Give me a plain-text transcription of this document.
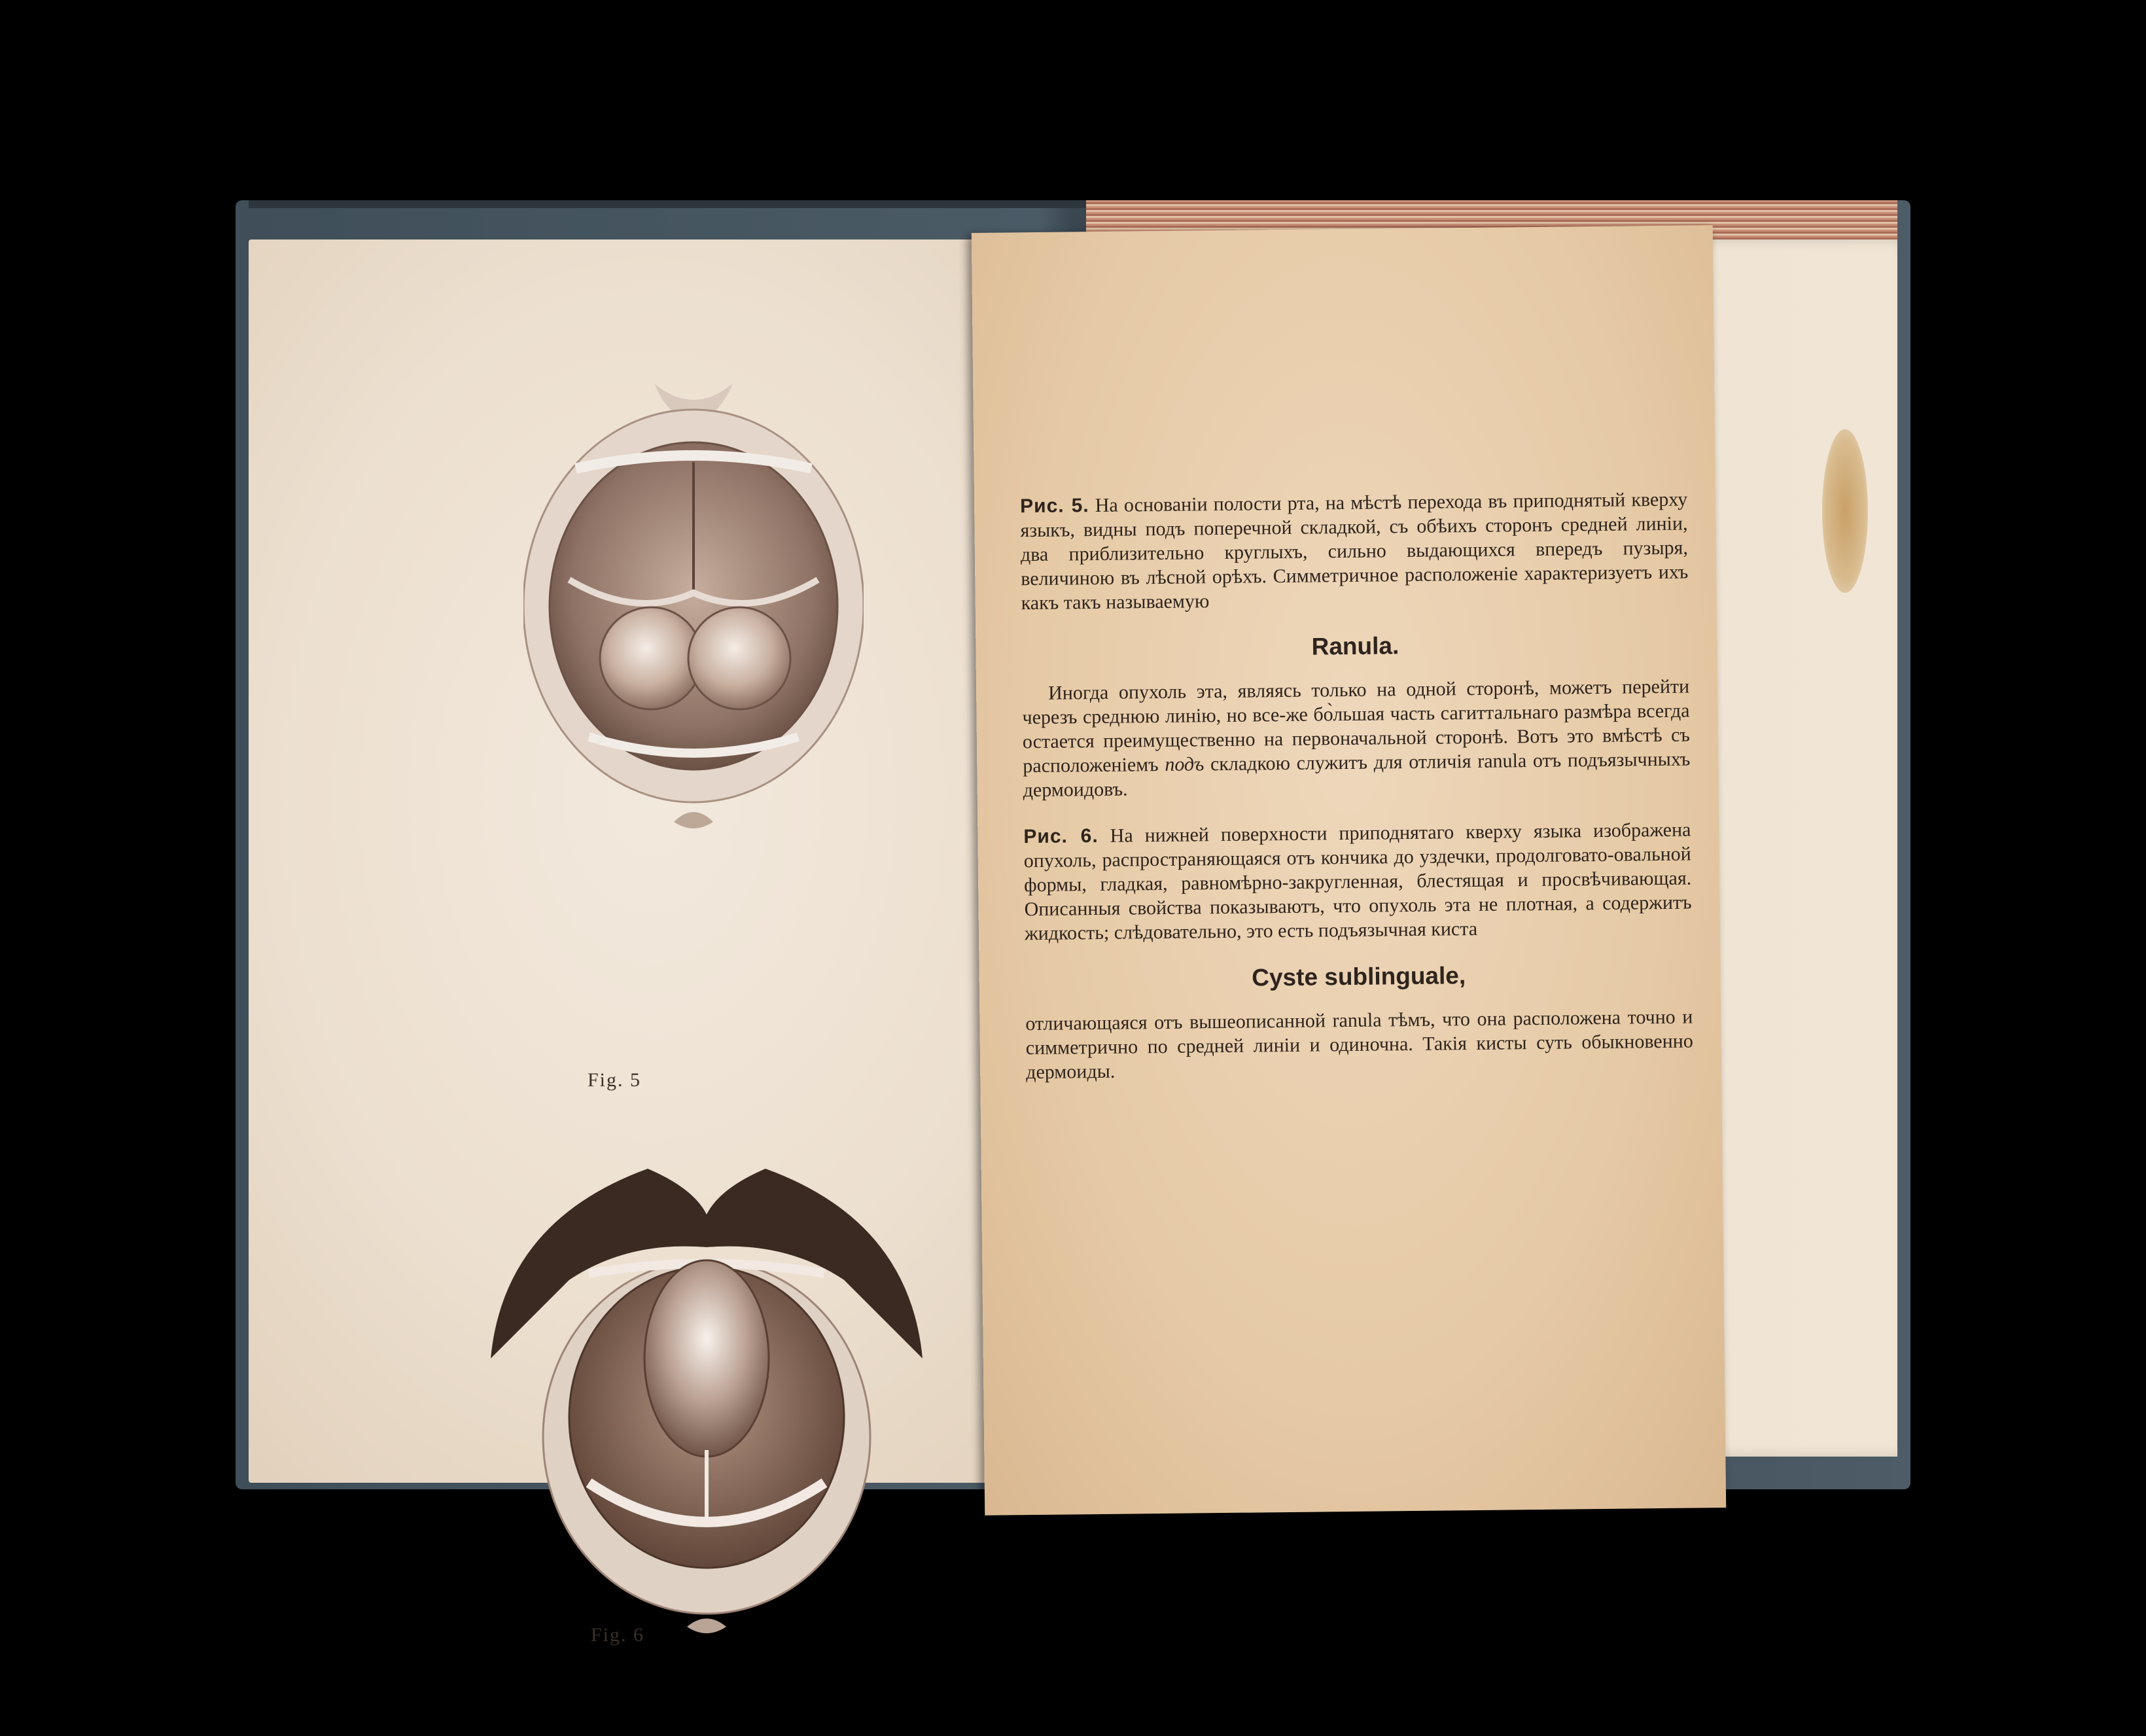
Fig. 5
Fig. 6

Рис. 5. На основаніи полости рта, на мѣстѣ перехода въ приподнятый кверху языкъ, видны подъ поперечной складкой, съ обѣихъ сторонъ средней линіи, два приблизительно круглыхъ, сильно выдающихся впередъ пузыря, величиною въ лѣсной орѣхъ. Симметричное расположеніе характеризуетъ ихъ какъ такъ называемую

Ranula.

Иногда опухоль эта, являясь только на одной сторонѣ, можетъ перейти черезъ среднюю линію, но все-же бо̀льшая часть сагиттальнаго размѣра всегда остается преимущественно на первоначальной сторонѣ. Вотъ это вмѣстѣ съ расположеніемъ подъ складкою служитъ для отличія ranula отъ подъязычныхъ дермоидовъ.

Рис. 6. На нижней поверхности приподнятаго кверху языка изображена опухоль, распространяющаяся отъ кончика до уздечки, продолговато-овальной формы, гладкая, равномѣрно-закругленная, блестящая и просвѣчивающая. Описанныя свойства показываютъ, что опухоль эта не плотная, а содержитъ жидкость; слѣдовательно, это есть подъязычная киста

Cyste sublinguale,

отличающаяся отъ вышеописанной ranula тѣмъ, что она расположена точно и симметрично по средней линіи и одиночна. Такія кисты суть обыкновенно дермоиды.
